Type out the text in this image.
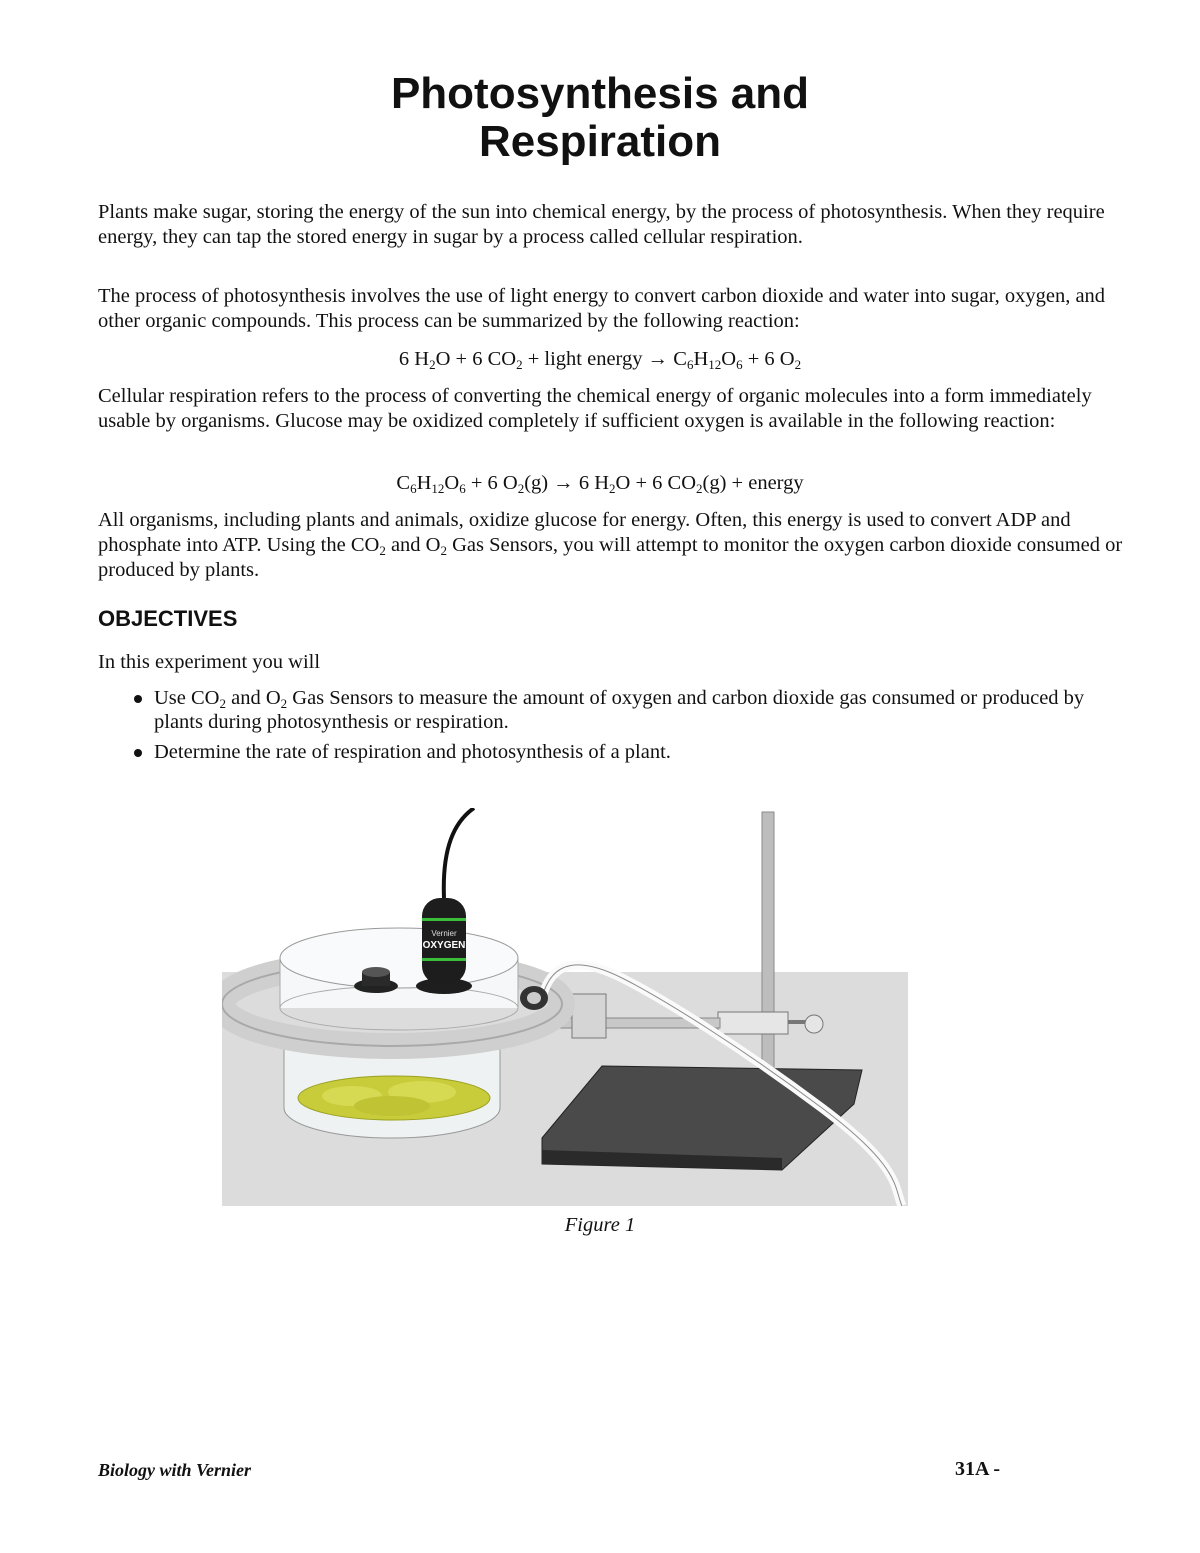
Photosynthesis and
Respiration

Plants make sugar, storing the energy of the sun into chemical energy, by the process of photosynthesis. When they require energy, they can tap the stored energy in sugar by a process called cellular respiration.

The process of photosynthesis involves the use of light energy to convert carbon dioxide and water into sugar, oxygen, and other organic compounds. This process can be summarized by the following reaction:

6 $H_2O + 6$ $CO_2$ + light energy → $C_6H_{12}O_6 + 6$ $O_2$

Cellular respiration refers to the process of converting the chemical energy of organic molecules into a form immediately usable by organisms. Glucose may be oxidized completely if sufficient oxygen is available in the following reaction:

$C_6H_{12}O_6 + 6$ $O_2(g) \to 6$ $H_2O + 6$ $CO_2(g)$ + energy

All organisms, including plants and animals, oxidize glucose for energy. Often, this energy is used to convert ADP and phosphate into ATP. Using the $CO_2$ and $O_2$ Gas Sensors, you will attempt to monitor the oxygen carbon dioxide consumed or produced by plants.

OBJECTIVES

In this experiment you will

Use $CO_2$ and $O_2$ Gas Sensors to measure the amount of oxygen and carbon dioxide gas consumed or produced by plants during photosynthesis or respiration.
Determine the rate of respiration and photosynthesis of a plant.
Vernier
OXYGEN
Figure 1
Biology with Vernier	31A -
